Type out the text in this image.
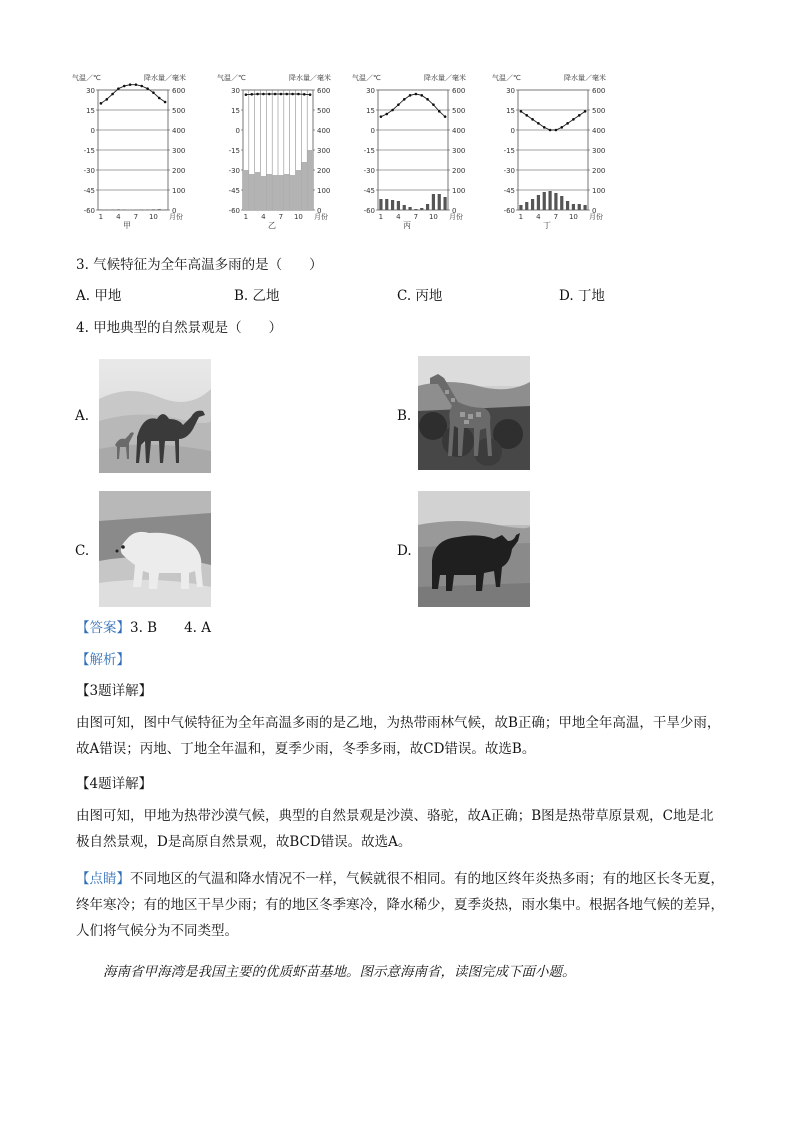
气温／℃	降水量／毫米
30
15
0
-15
-30
-45
-60
600
500
400
300
200
100
0
1 4 7 10 月份
甲
气温／℃	降水量／毫米
30
15
0
-15
-30
-45
-60
600
500
400
300
200
100
0
1 4 7 10 月份
乙
气温／℃	降水量／毫米
30
15
0
-15
-30
-45
-60
600
500
400
300
200
100
0
1 4 7 10 月份
丙
气温／℃	降水量／毫米
30
15
0
-15
-30
-45
-60
600
500
400
300
200
100
0
1 4 7 10 月份
丁
3. 气候特征为全年高温多雨的是（　　）
A. 甲地	B. 乙地	C. 丙地	D. 丁地
4. 甲地典型的自然景观是（　　）
A.	B.
C.	D.
【答案】3. B　　4. A
【解析】
【3题详解】
由图可知，图中气候特征为全年高温多雨的是乙地，为热带雨林气候，故B正确；甲地全年高温，干旱少雨，故A错误；丙地、丁地全年温和，夏季少雨，冬季多雨，故CD错误。故选B。
【4题详解】
由图可知，甲地为热带沙漠气候，典型的自然景观是沙漠、骆驼，故A正确；B图是热带草原景观，C地是北极自然景观，D是高原自然景观，故BCD错误。故选A。
【点睛】不同地区的气温和降水情况不一样，气候就很不相同。有的地区终年炎热多雨；有的地区长冬无夏，终年寒冷；有的地区干旱少雨；有的地区冬季寒冷，降水稀少，夏季炎热，雨水集中。根据各地气候的差异，人们将气候分为不同类型。
海南省甲海湾是我国主要的优质虾苗基地。图示意海南省，读图完成下面小题。
